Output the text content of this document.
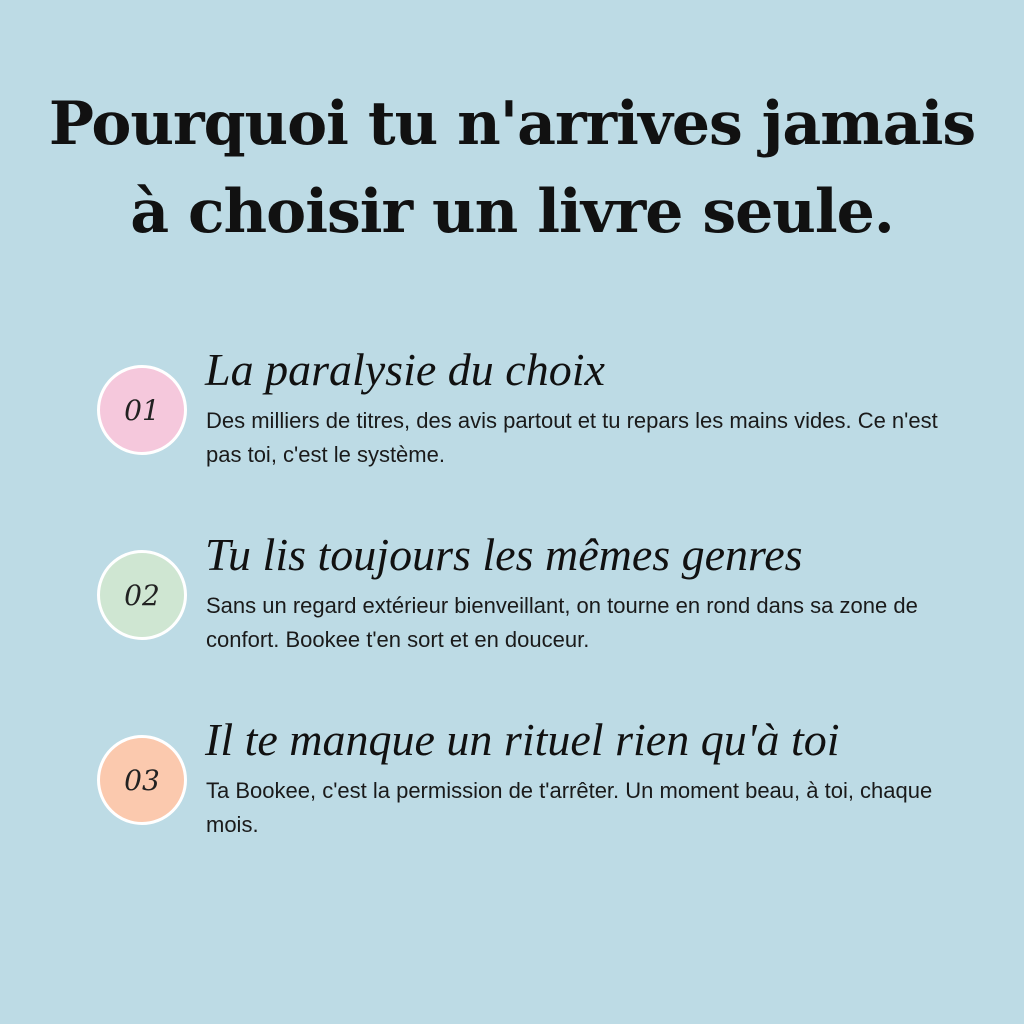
Pourquoi tu n'arrives jamais
à choisir un livre seule.
01
La paralysie du choix

Des milliers de titres, des avis partout et tu repars les mains vides. Ce n'est pas toi, c'est le système.

02
Tu lis toujours les mêmes genres

Sans un regard extérieur bienveillant, on tourne en rond dans sa zone de confort. Bookee t'en sort et en douceur.

03
Il te manque un rituel rien qu'à toi

Ta Bookee, c'est la permission de t'arrêter. Un moment beau, à toi, chaque mois.
